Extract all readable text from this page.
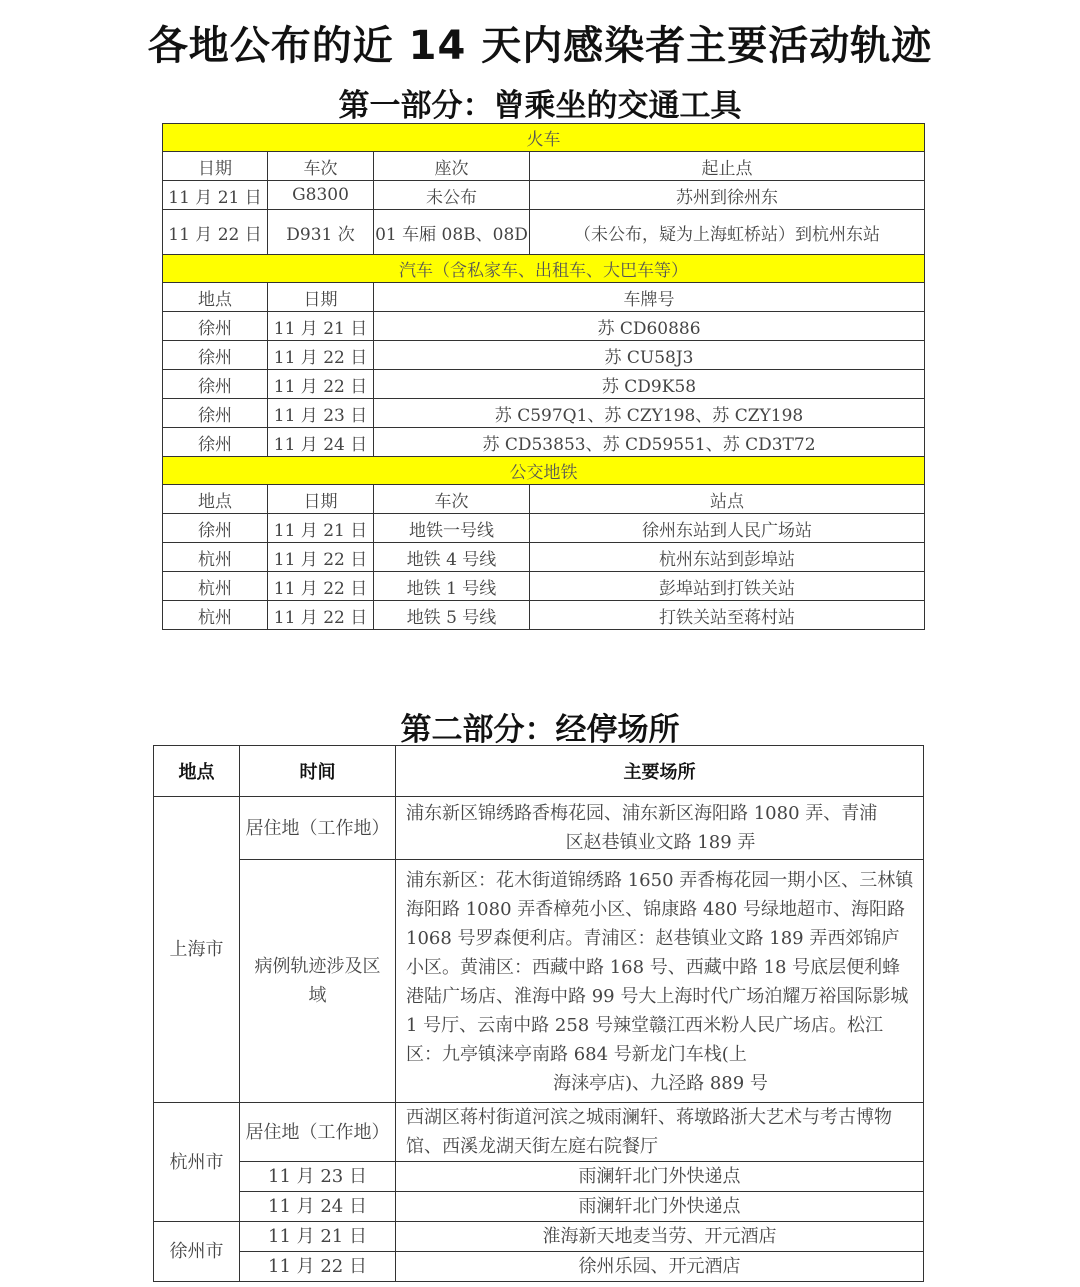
各地公布的近 14 天内感染者主要活动轨迹
第一部分：曾乘坐的交通工具
火车			
日期	车次	座次	起止点
11 月 21 日	G8300	未公布	苏州到徐州东
11 月 22 日	D931 次	01 车厢 08B、08D	（未公布，疑为上海虹桥站）到杭州东站
汽车（含私家车、出租车、大巴车等）			
地点	日期	车牌号	
徐州	11 月 21 日	苏 CD60886	
徐州	11 月 22 日	苏 CU58J3	
徐州	11 月 22 日	苏 CD9K58	
徐州	11 月 23 日	苏 C597Q1、苏 CZY198、苏 CZY198	
徐州	11 月 24 日	苏 CD53853、苏 CD59551、苏 CD3T72	
公交地铁			
地点	日期	车次	站点
徐州	11 月 21 日	地铁一号线	徐州东站到人民广场站
杭州	11 月 22 日	地铁 4 号线	杭州东站到彭埠站
杭州	11 月 22 日	地铁 1 号线	彭埠站到打铁关站
杭州	11 月 22 日	地铁 5 号线	打铁关站至蒋村站
第二部分：经停场所
地点	时间	主要场所
上海市	居住地（工作地）	浦东新区锦绣路香梅花园、浦东新区海阳路 1080 弄、青浦
区赵巷镇业文路 189 弄

	病例轨迹涉及区域	浦东新区：花木街道锦绣路 1650 弄香梅花园一期小区、三林镇海阳路 1080 弄香樟苑小区、锦康路 480 号绿地超市、海阳路 1068 号罗森便利店。青浦区：赵巷镇业文路 189 弄西郊锦庐小区。黄浦区：西藏中路 168 号、西藏中路 18 号底层便利蜂港陆广场店、淮海中路 99 号大上海时代广场泊耀万裕国际影城 1 号厅、云南中路 258 号辣堂赣江西米粉人民广场店。松江区：九亭镇涞亭南路 684 号新龙门车栈(上
海涞亭店)、九泾路 889 号

杭州市	居住地（工作地）	西湖区蒋村街道河滨之城雨澜轩、蒋墩路浙大艺术与考古博物馆、西溪龙湖天街左庭右院餐厅
	11 月 23 日	雨澜轩北门外快递点
	11 月 24 日	雨澜轩北门外快递点
徐州市	11 月 21 日	淮海新天地麦当劳、开元酒店
	11 月 22 日	徐州乐园、开元酒店
